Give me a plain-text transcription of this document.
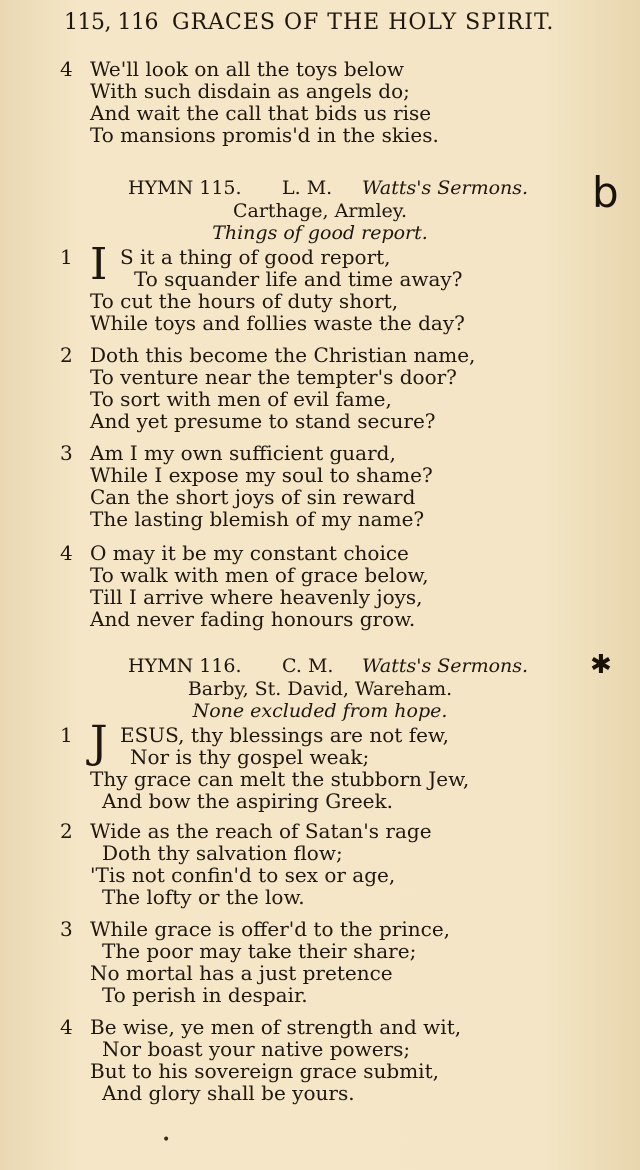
115, 116 GRACES OF THE HOLY SPIRIT.
4 We'll look on all the toys below
With such disdain as angels do;
And wait the call that bids us rise
To mansions promis'd in the skies.
HYMN 115. L. M. Watts's Sermons.
Carthage, Armley.
Things of good report.
1 I S it a thing of good report,
To squander life and time away?
To cut the hours of duty short,
While toys and follies waste the day?
2 Doth this become the Christian name,
To venture near the tempter's door?
To sort with men of evil fame,
And yet presume to stand secure?
3 Am I my own sufficient guard,
While I expose my soul to shame?
Can the short joys of sin reward
The lasting blemish of my name?
4 O may it be my constant choice
To walk with men of grace below,
Till I arrive where heavenly joys,
And never fading honours grow.
HYMN 116. C. M. Watts's Sermons.
Barby, St. David, Wareham.
None excluded from hope.
1 J ESUS, thy blessings are not few,
Nor is thy gospel weak;
Thy grace can melt the stubborn Jew,
And bow the aspiring Greek.
2 Wide as the reach of Satan's rage
Doth thy salvation flow;
'Tis not confin'd to sex or age,
The lofty or the low.
3 While grace is offer'd to the prince,
The poor may take their share;
No mortal has a just pretence
To perish in despair.
4 Be wise, ye men of strength and wit,
Nor boast your native powers;
But to his sovereign grace submit,
And glory shall be yours.
b
✱
•
